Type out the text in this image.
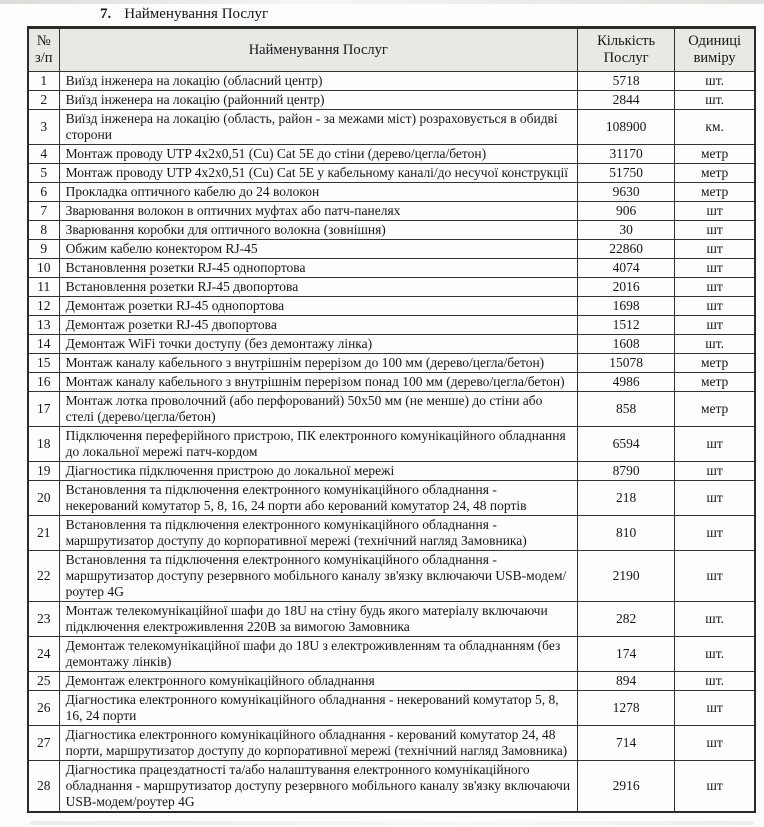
7. Найменування Послуг
№ з/п	Найменування Послуг	Кількість Послуг	Одиниці виміру
1	Виїзд інженера на локацію (обласний центр)	5718	шт.
2	Виїзд інженера на локацію (районний центр)	2844	шт.
3	Виїзд інженера на локацію (область, район - за межами міст) розраховується в обидві сторони	108900	км.
4	Монтаж проводу UTP 4х2х0,51 (Cu) Cat 5E до стіни (дерево/цегла/бетон)	31170	метр
5	Монтаж проводу UTP 4х2х0,51 (Cu) Cat 5E у кабельному каналі/до несучої конструкції	51750	метр
6	Прокладка оптичного кабелю до 24 волокон	9630	метр
7	Зварювання волокон в оптичних муфтах або патч-панелях	906	шт
8	Зварювання коробки для оптичного волокна (зовнішня)	30	шт
9	Обжим кабелю конектором RJ-45	22860	шт
10	Встановлення розетки RJ-45 однопортова	4074	шт
11	Встановлення розетки RJ-45 двопортова	2016	шт
12	Демонтаж розетки RJ-45 однопортова	1698	шт
13	Демонтаж розетки RJ-45 двопортова	1512	шт
14	Демонтаж WiFi точки доступу (без демонтажу лінка)	1608	шт.
15	Монтаж каналу кабельного з внутрішнім перерізом до 100 мм (дерево/цегла/бетон)	15078	метр
16	Монтаж каналу кабельного з внутрішнім перерізом понад 100 мм (дерево/цегла/бетон)	4986	метр
17	Монтаж лотка проволочний (або перфорований) 50х50 мм (не менше) до стіни або стелі (дерево/цегла/бетон)	858	метр
18	Підключення переферійного пристрою, ПК електронного комунікаційного обладнання до локальної мережі патч-кордом	6594	шт
19	Діагностика підключення пристрою до локальної мережі	8790	шт
20	Встановлення та підключення електронного комунікаційного обладнання - некерований комутатор 5, 8, 16, 24 порти або керований комутатор 24, 48 портів	218	шт
21	Встановлення та підключення електронного комунікаційного обладнання - маршрутизатор доступу до корпоративної мережі (технічний нагляд Замовника)	810	шт
22	Встановлення та підключення електронного комунікаційного обладнання - маршрутизатор доступу резервного мобільного каналу зв'язку включаючи USB-модем/роутер 4G	2190	шт
23	Монтаж телекомунікаційної шафи до 18U на стіну будь якого матеріалу включаючи підключення електроживлення 220В за вимогою Замовника	282	шт.
24	Демонтаж телекомунікаційної шафи до 18U з електроживленням та обладнанням (без демонтажу лінків)	174	шт.
25	Демонтаж електронного комунікаційного обладнання	894	шт.
26	Діагностика електронного комунікаційного обладнання - некерований комутатор 5, 8, 16, 24 порти	1278	шт
27	Діагностика електронного комунікаційного обладнання - керований комутатор 24, 48 порти, маршрутизатор доступу до корпоративної мережі (технічний нагляд Замовника)	714	шт
28	Діагностика працездатності та/або налаштування електронного комунікаційного обладнання - маршрутизатор доступу резервного мобільного каналу зв'язку включаючи USB-модем/роутер 4G	2916	шт
